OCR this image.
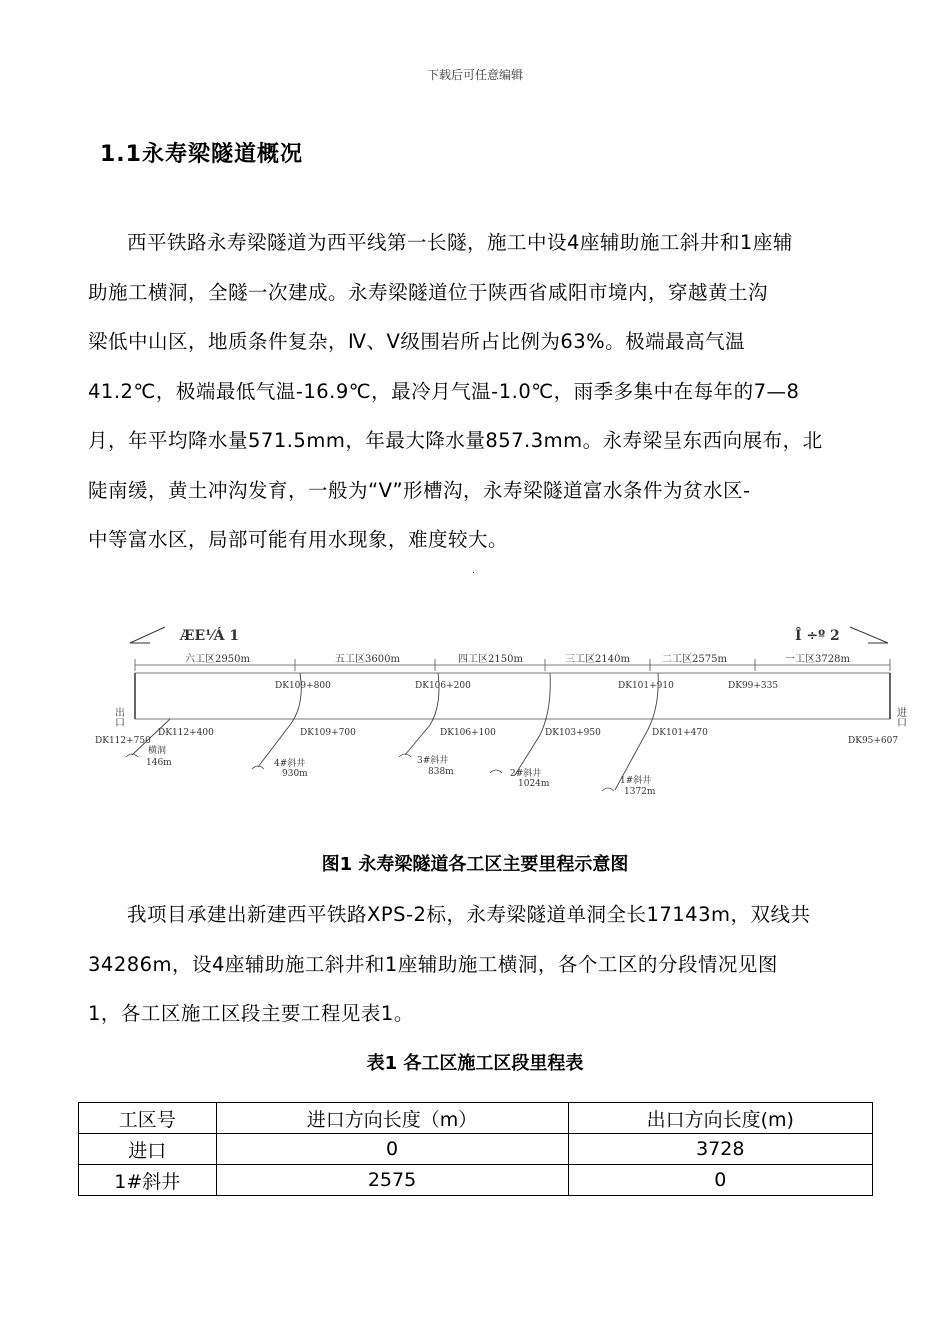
下载后可任意编辑
1.1永寿梁隧道概况

西平铁路永寿梁隧道为西平线第一长隧，施工中设4座辅助施工斜井和1座辅
助施工横洞，全隧一次建成。永寿梁隧道位于陕西省咸阳市境内，穿越黄土沟
梁低中山区，地质条件复杂，Ⅳ、Ⅴ级围岩所占比例为63%。极端最高气温
41.2℃，极端最低气温-16.9℃，最冷月气温-1.0℃，雨季多集中在每年的7—8
月，年平均降水量571.5mm，年最大降水量857.3mm。永寿梁呈东西向展布，北
陡南缓，黄土冲沟发育，一般为“V”形槽沟，永寿梁隧道富水条件为贫水区-
中等富水区，局部可能有用水现象，难度较大。

·
ÆE¹⁄Á 1	Î ÷º 2
六工区2950m	五工区3600m	四工区2150m	三工区2140m	二工区2575m	一工区3728m
DK109+800	DK106+200	DK101+910	DK99+335
出口	进口
DK112+750	DK95+607
DK112+400	DK109+700	DK106+100	DK103+950	DK101+470
横洞
146m	4#斜井
930m
3#斜井
838m	2#斜井
1024m	1#斜井
1372m
图1 永寿梁隧道各工区主要里程示意图

我项目承建出新建西平铁路XPS-2标，永寿梁隧道单洞全长17143m，双线共
34286m，设4座辅助施工斜井和1座辅助施工横洞，各个工区的分段情况见图
1，各工区施工区段主要工程见表1。

表1 各工区施工区段里程表
工区号	进口方向长度（m）	出口方向长度(m)
进口	0	3728
1#斜井	2575	0
